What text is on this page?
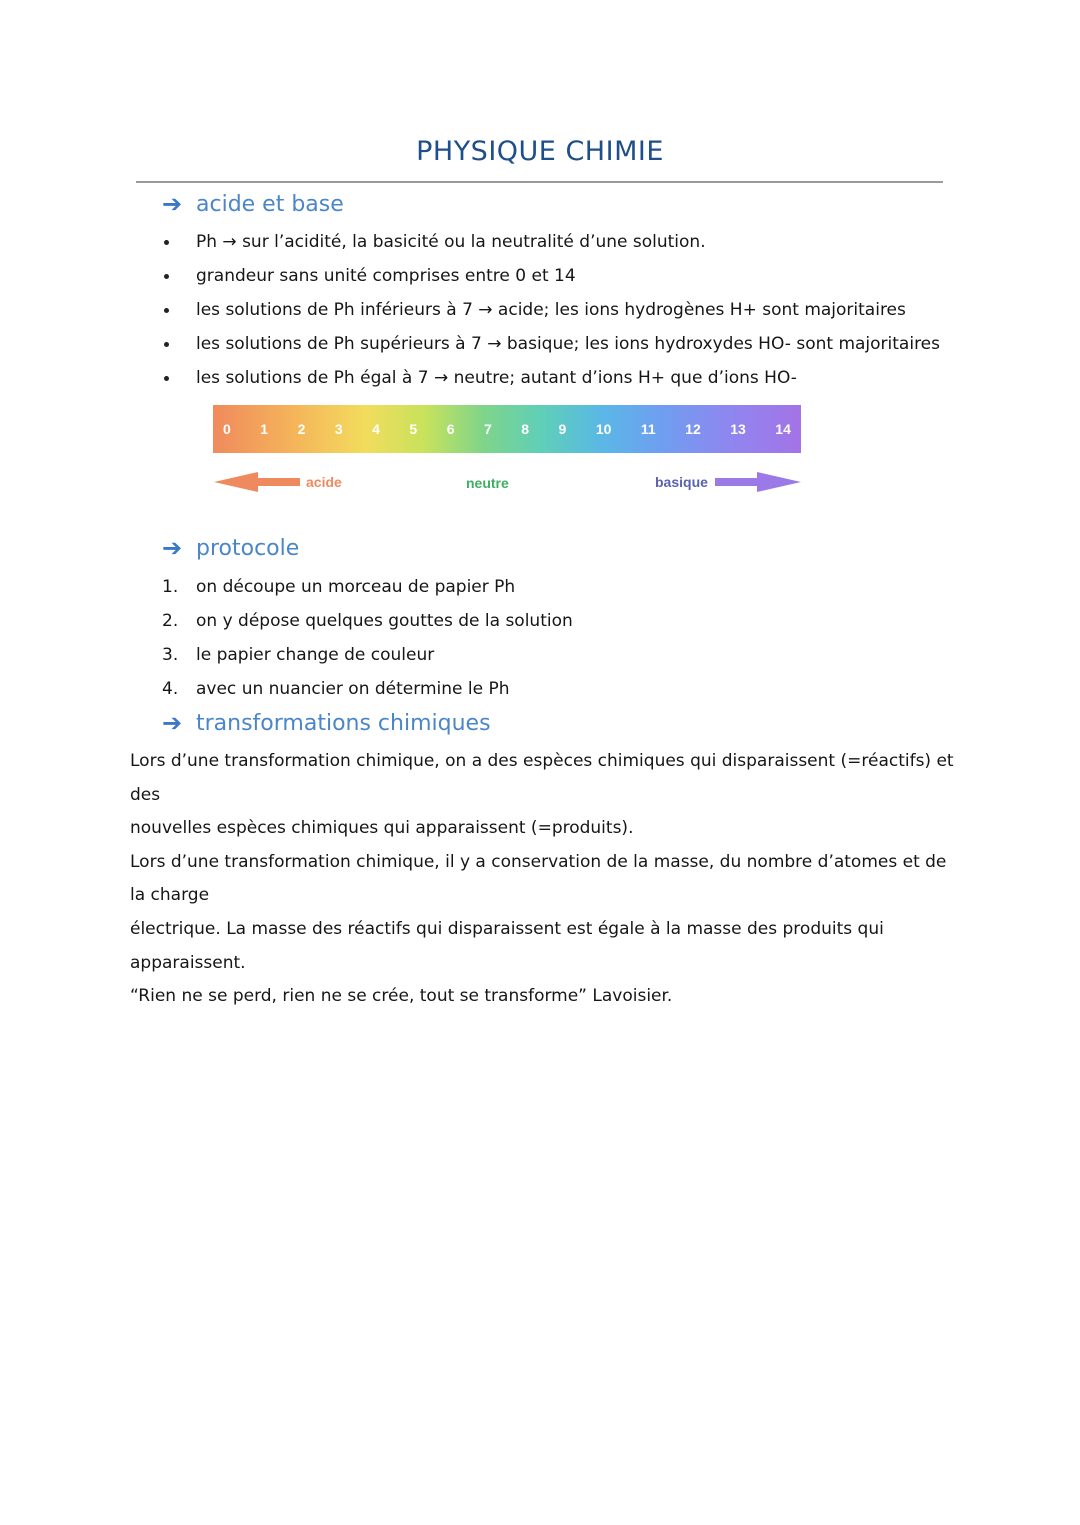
PHYSIQUE CHIMIE
➔ acide et base
Ph → sur l’acidité, la basicité ou la neutralité d’une solution.
grandeur sans unité comprises entre 0 et 14
les solutions de Ph inférieurs à 7 → acide; les ions hydrogènes H+ sont majoritaires
les solutions de Ph supérieurs à 7 → basique; les ions hydroxydes HO- sont majoritaires
les solutions de Ph égal à 7 → neutre; autant d’ions H+ que d’ions HO-
0 1 2 3 4 5 6 7 8 9 10 11 12 13 14
acide	neutre	basique
➔ protocole
1. on découpe un morceau de papier Ph
2. on y dépose quelques gouttes de la solution
3. le papier change de couleur
4. avec un nuancier on détermine le Ph
➔ transformations chimiques

Lors d’une transformation chimique, on a des espèces chimiques qui disparaissent (=réactifs) et des

nouvelles espèces chimiques qui apparaissent (=produits).

Lors d’une transformation chimique, il y a conservation de la masse, du nombre d’atomes et de la charge

électrique. La masse des réactifs qui disparaissent est égale à la masse des produits qui apparaissent.

“Rien ne se perd, rien ne se crée, tout se transforme” Lavoisier.
